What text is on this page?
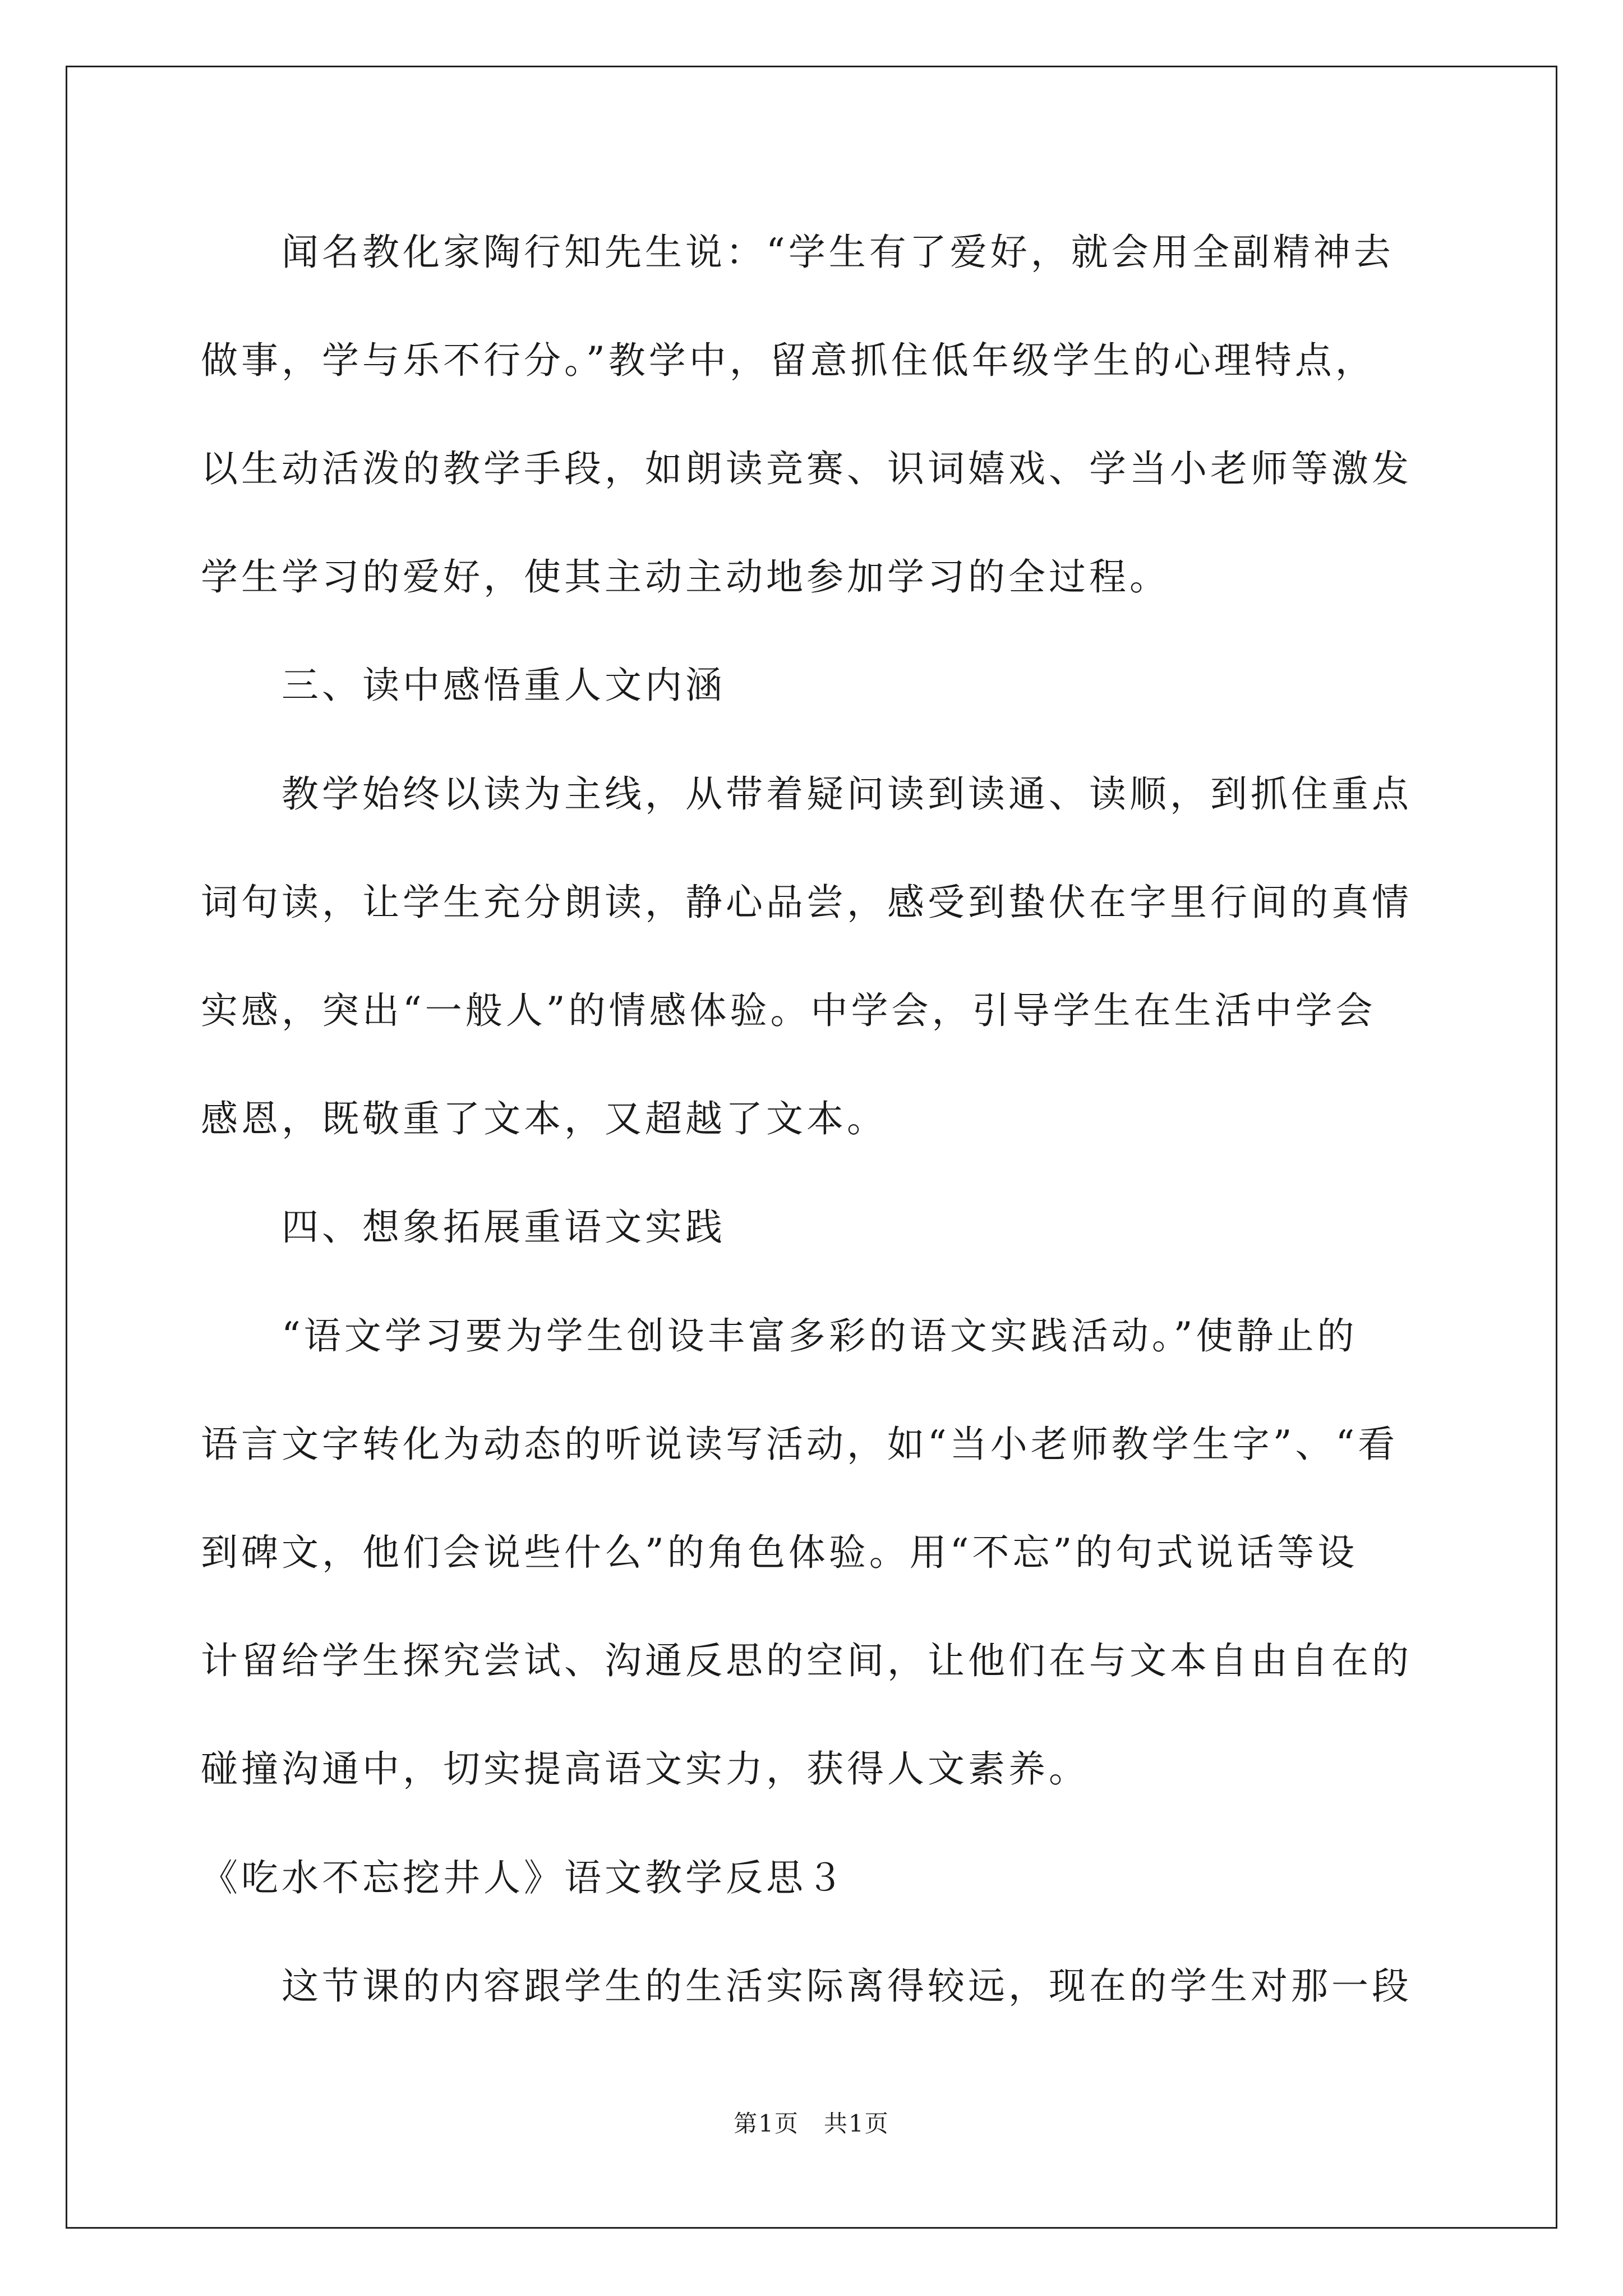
　　闻名教化家陶行知先生说：“学生有了爱好，就会用全副精神去
做事，学与乐不行分。”教学中，留意抓住低年级学生的心理特点，
以生动活泼的教学手段，如朗读竞赛、识词嬉戏、学当小老师等激发
学生学习的爱好，使其主动主动地参加学习的全过程。
　　三、读中感悟重人文内涵
　　教学始终以读为主线，从带着疑问读到读通、读顺，到抓住重点
词句读，让学生充分朗读，静心品尝，感受到蛰伏在字里行间的真情
实感，突出“一般人”的情感体验。中学会，引导学生在生活中学会
感恩，既敬重了文本，又超越了文本。
　　四、想象拓展重语文实践
　　“语文学习要为学生创设丰富多彩的语文实践活动。”使静止的
语言文字转化为动态的听说读写活动，如“当小老师教学生字”、“看
到碑文，他们会说些什么”的角色体验。用“不忘”的句式说话等设
计留给学生探究尝试、沟通反思的空间，让他们在与文本自由自在的
碰撞沟通中，切实提高语文实力，获得人文素养。
《吃水不忘挖井人》语文教学反思３
　　这节课的内容跟学生的生活实际离得较远，现在的学生对那一段
第1页　共1页
